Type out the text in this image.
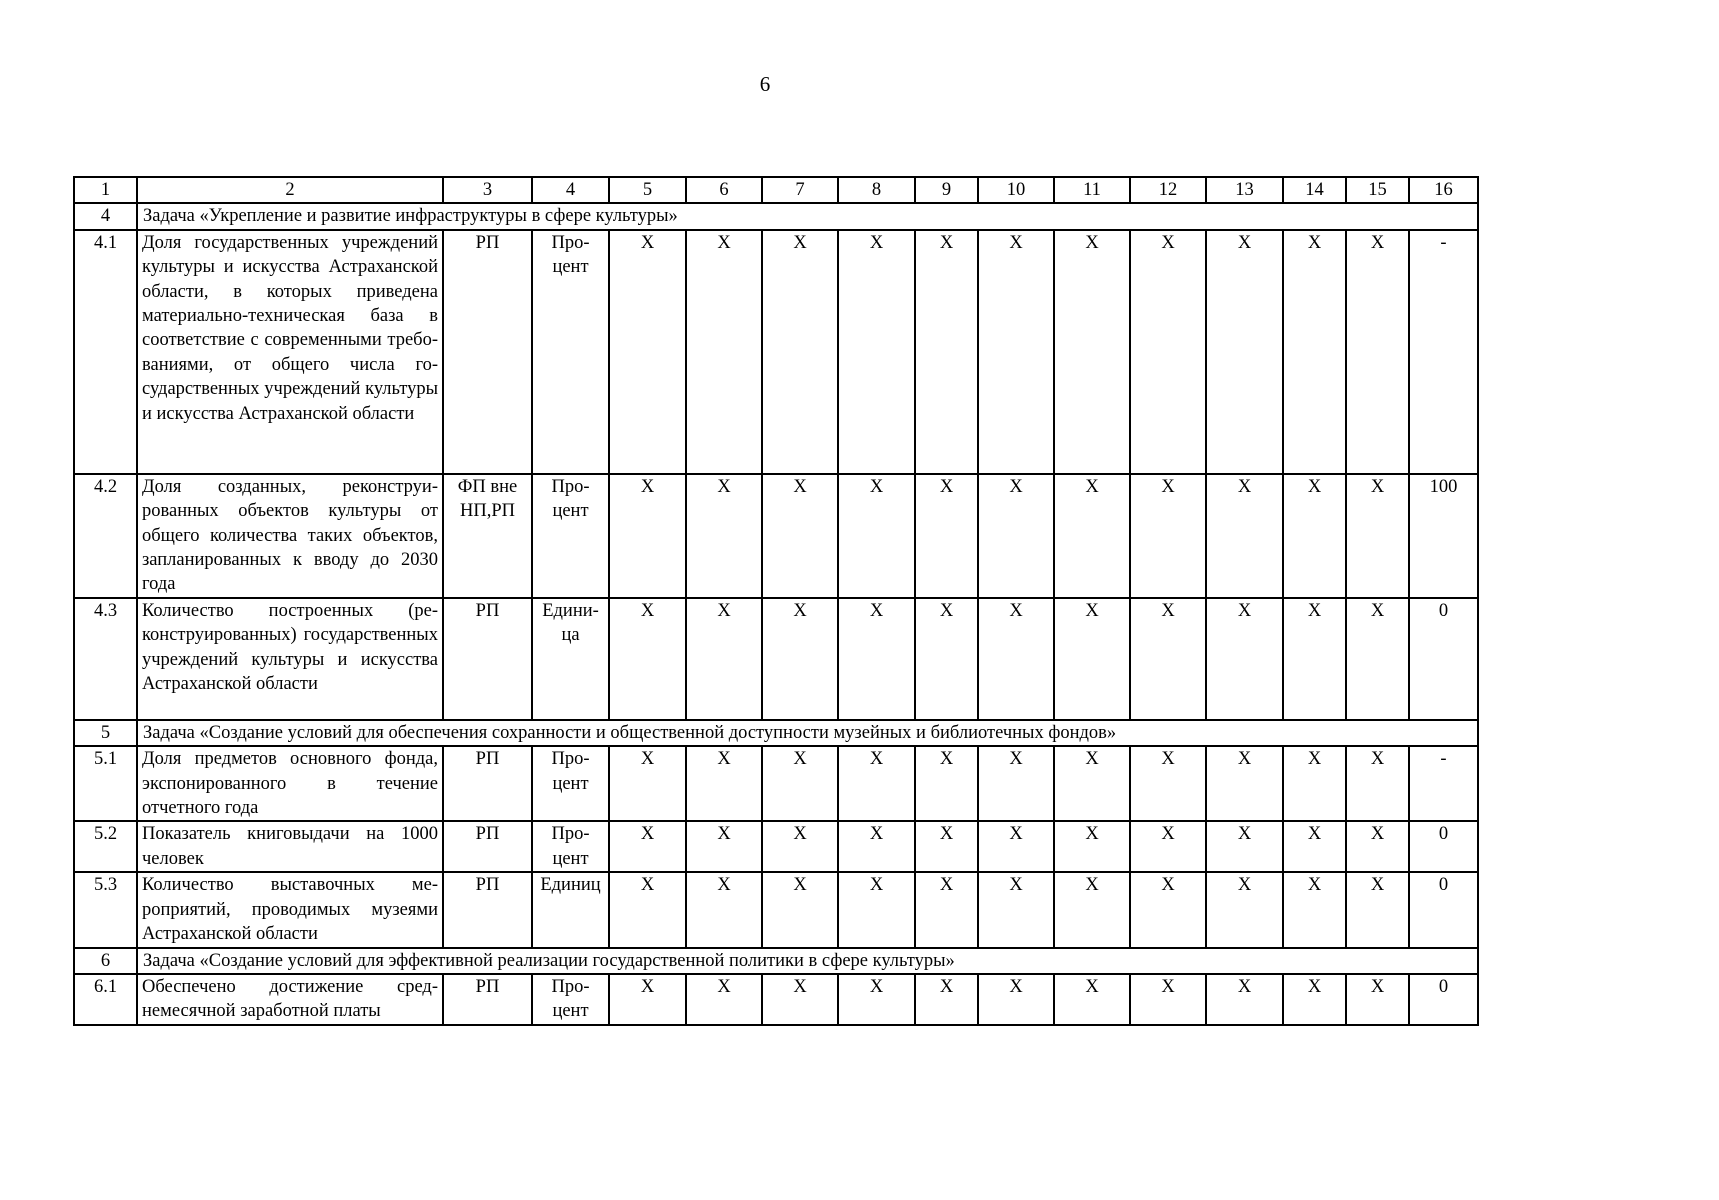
6
1	2	3	4	5	6	7	8	9	10	11	12	13	14	15	16
4	Задача «Укрепление и развитие инфраструктуры в сфере культуры»														
4.1	Доля государственных учреждений культуры и искусства Астраханской области, в которых приведена материально-техническая база в соответствие с современными требованиями, от общего числа государственных учреждений культуры и искусства Астраханской области	РП	Процент	X	X	X	X	X	X	X	X	X	X	X	-
4.2	Доля созданных, реконструированных объектов культуры от общего количества таких объектов, запланированных к вводу до 2030 года	ФП вне НП,РП	Процент	X	X	X	X	X	X	X	X	X	X	X	100
4.3	Количество построенных (реконструированных) государственных учреждений культуры и искусства Астраханской области	РП	Единица	X	X	X	X	X	X	X	X	X	X	X	0
5	Задача «Создание условий для обеспечения сохранности и общественной доступности музейных и библиотечных фондов»														
5.1	Доля предметов основного фонда, экспонированного в течение отчетного года	РП	Процент	X	X	X	X	X	X	X	X	X	X	X	-
5.2	Показатель книговыдачи на 1000 человек	РП	Процент	X	X	X	X	X	X	X	X	X	X	X	0
5.3	Количество выставочных мероприятий, проводимых музеями Астраханской области	РП	Единиц	X	X	X	X	X	X	X	X	X	X	X	0
6	Задача «Создание условий для эффективной реализации государственной политики в сфере культуры»														
6.1	Обеспечено достижение среднемесячной заработной платы	РП	Процент	X	X	X	X	X	X	X	X	X	X	X	0
